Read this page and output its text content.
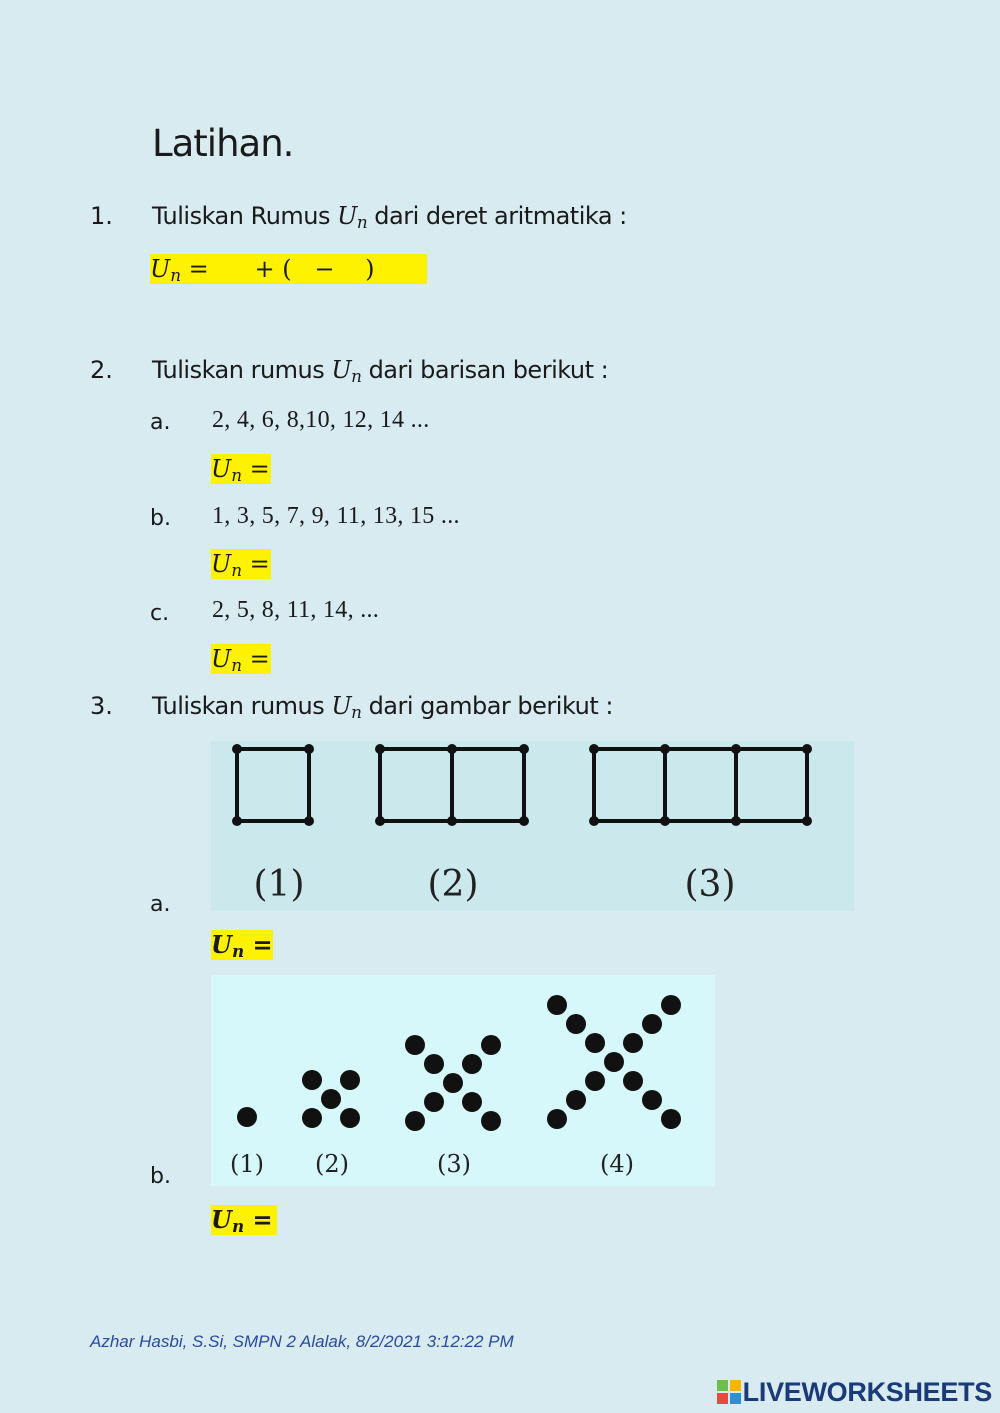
Latihan.
1. Tuliskan Rumus $U_n$ dari deret aritmatika :
$U_n$ =      + (   −    )
2. Tuliskan rumus $U_n$ dari barisan berikut :
a. 2, 4, 6, 8,10, 12, 14 ...
$U_n$ =
b. 1, 3, 5, 7, 9, 11, 13, 15 ...
$U_n$ =
c. 2, 5, 8, 11, 14, ...
$U_n$ =
3. Tuliskan rumus $U_n$ dari gambar berikut :
(1)	(2)	(3)
a.
$U_n$ =
(1) (2)	(3)	(4)
b.
$U_n$ =
Azhar Hasbi, S.Si, SMPN 2 Alalak, 8/2/2021 3:12:22 PM
LIVEWORKSHEETS
